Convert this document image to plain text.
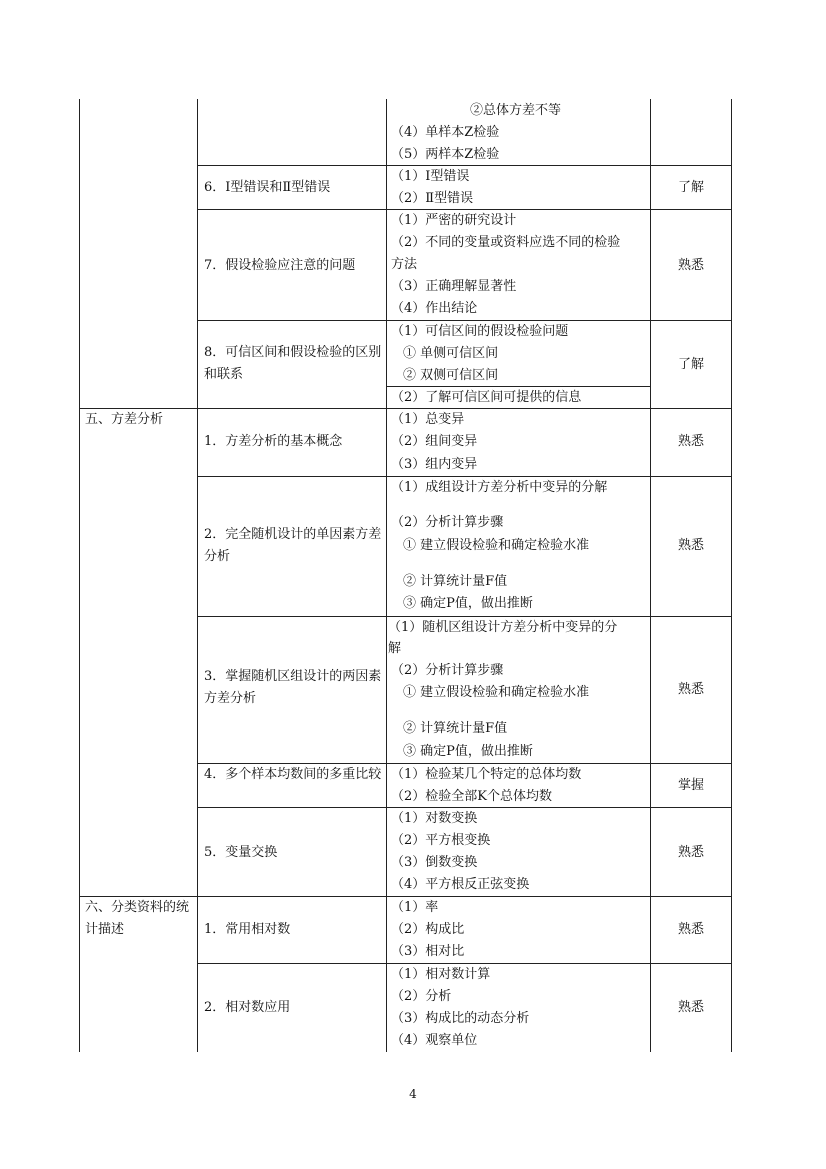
②总体方差不等
（4）单样本Z检验
（5）两样本Z检验
6．Ⅰ型错误和Ⅱ型错误
（1）Ⅰ型错误
（2）Ⅱ型错误
了解
7．假设检验应注意的问题
（1）严密的研究设计
（2）不同的变量或资料应选不同的检验
方法
（3）正确理解显著性
（4）作出结论
熟悉
8．可信区间和假设检验的区别和联系
（1）可信区间的假设检验问题
① 单侧可信区间
② 双侧可信区间
（2）了解可信区间可提供的信息
了解
五、方差分析
1．方差分析的基本概念
（1）总变异
（2）组间变异
（3）组内变异
熟悉
2．完全随机设计的单因素方差分析
（1）成组设计方差分析中变异的分解
（2）分析计算步骤
① 建立假设检验和确定检验水准
② 计算统计量F值
③ 确定P值，做出推断
熟悉
3．掌握随机区组设计的两因素方差分析
（1）随机区组设计方差分析中变异的分
解
（2）分析计算步骤
① 建立假设检验和确定检验水准
② 计算统计量F值
③ 确定P值，做出推断
熟悉
4．多个样本均数间的多重比较 （1）检验某几个特定的总体均数
（2）检验全部K个总体均数
掌握
5．变量交换
（1）对数变换
（2）平方根变换
（3）倒数变换
（4）平方根反正弦变换
熟悉
六、分类资料的统计描述	1．常用相对数
（1）率
（2）构成比
（3）相对比
熟悉
2．相对数应用
（1）相对数计算
（2）分析
（3）构成比的动态分析
（4）观察单位
熟悉
4
